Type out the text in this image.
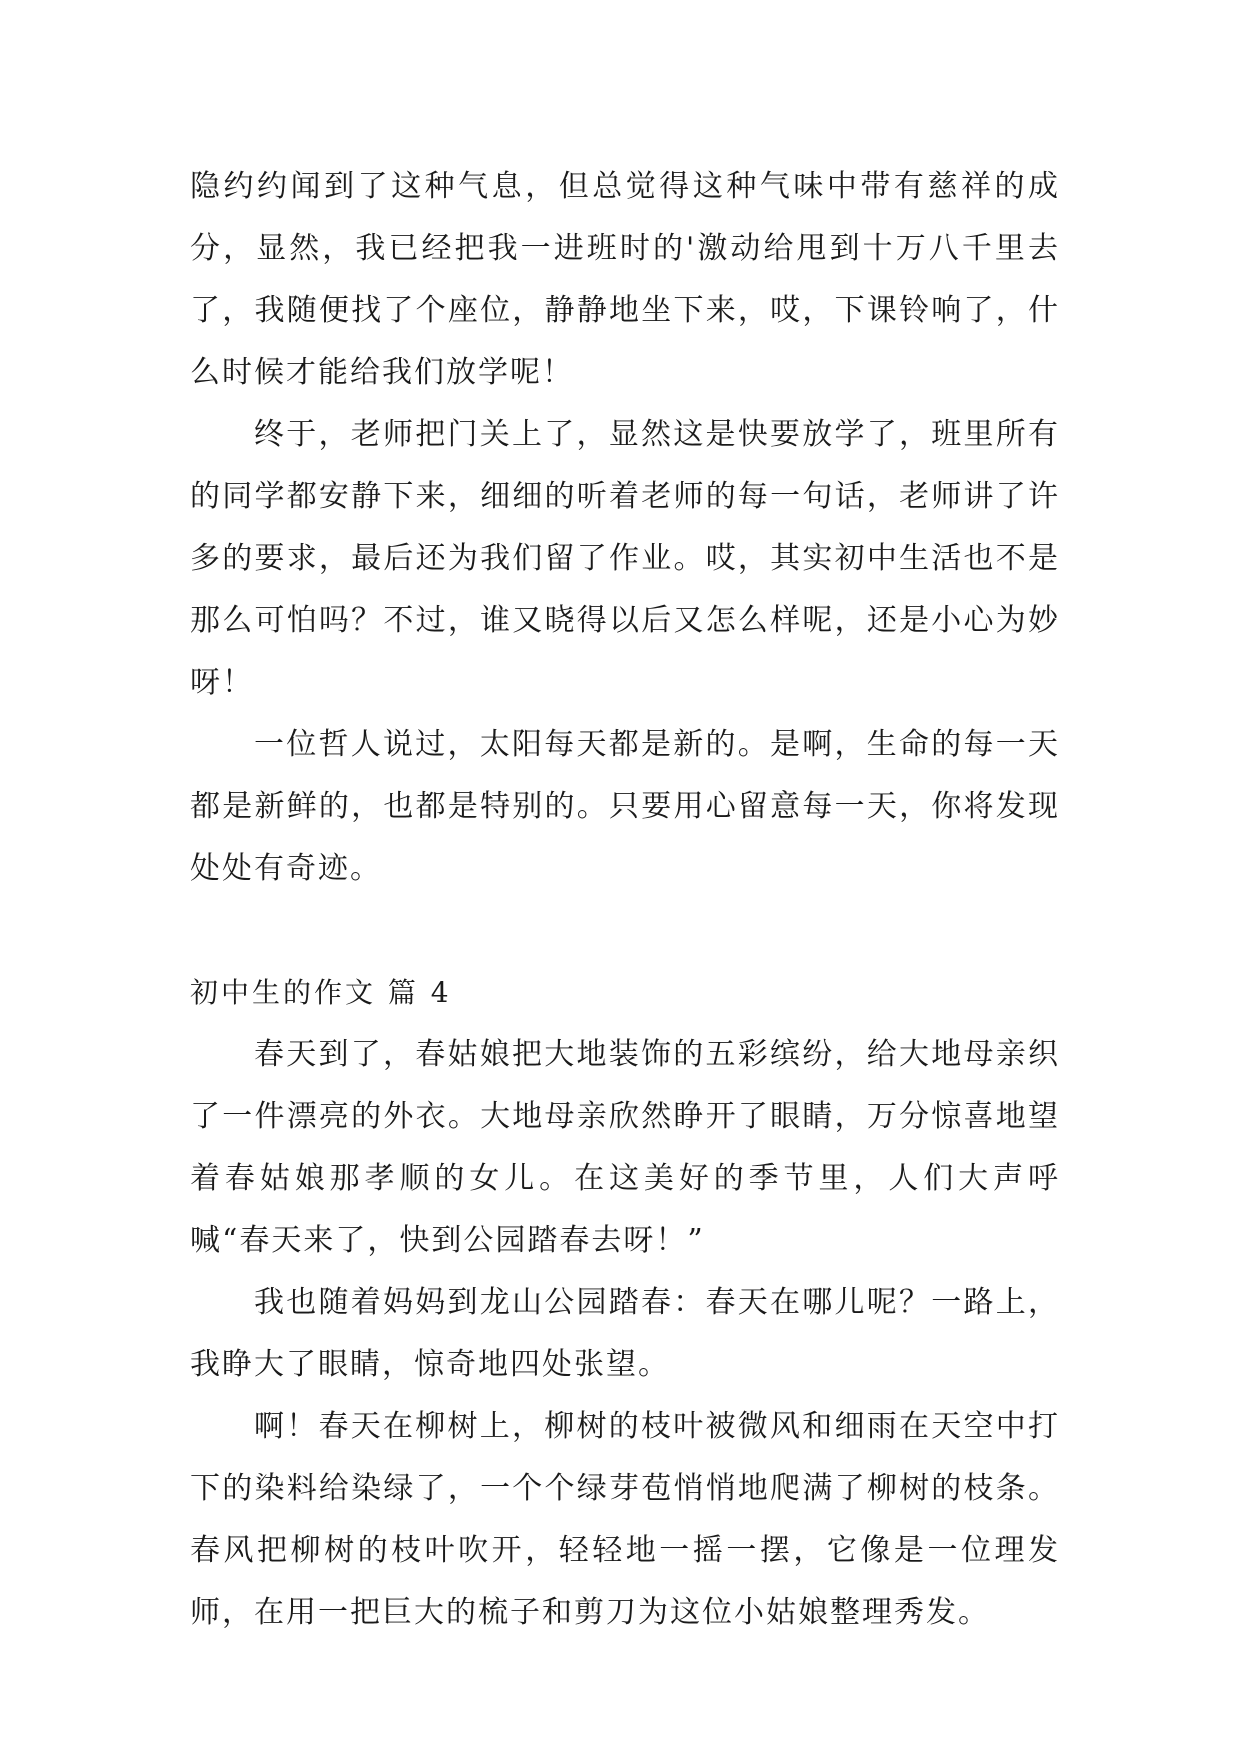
隐约约闻到了这种气息，但总觉得这种气味中带有慈祥的成分，显然，我已经把我一进班时的'激动给甩到十万八千里去了，我随便找了个座位，静静地坐下来，哎，下课铃响了，什么时候才能给我们放学呢！

终于，老师把门关上了，显然这是快要放学了，班里所有的同学都安静下来，细细的听着老师的每一句话，老师讲了许多的要求，最后还为我们留了作业。哎，其实初中生活也不是那么可怕吗？不过，谁又晓得以后又怎么样呢，还是小心为妙呀！

一位哲人说过，太阳每天都是新的。是啊，生命的每一天都是新鲜的，也都是特别的。只要用心留意每一天，你将发现处处有奇迹。

初中生的作文 篇 4

春天到了，春姑娘把大地装饰的五彩缤纷，给大地母亲织了一件漂亮的外衣。大地母亲欣然睁开了眼睛，万分惊喜地望着春姑娘那孝顺的女儿。在这美好的季节里，人们大声呼喊“春天来了，快到公园踏春去呀！”

我也随着妈妈到龙山公园踏春：春天在哪儿呢？一路上，我睁大了眼睛，惊奇地四处张望。

啊！春天在柳树上，柳树的枝叶被微风和细雨在天空中打下的染料给染绿了，一个个绿芽苞悄悄地爬满了柳树的枝条。春风把柳树的枝叶吹开，轻轻地一摇一摆，它像是一位理发师，在用一把巨大的梳子和剪刀为这位小姑娘整理秀发。
